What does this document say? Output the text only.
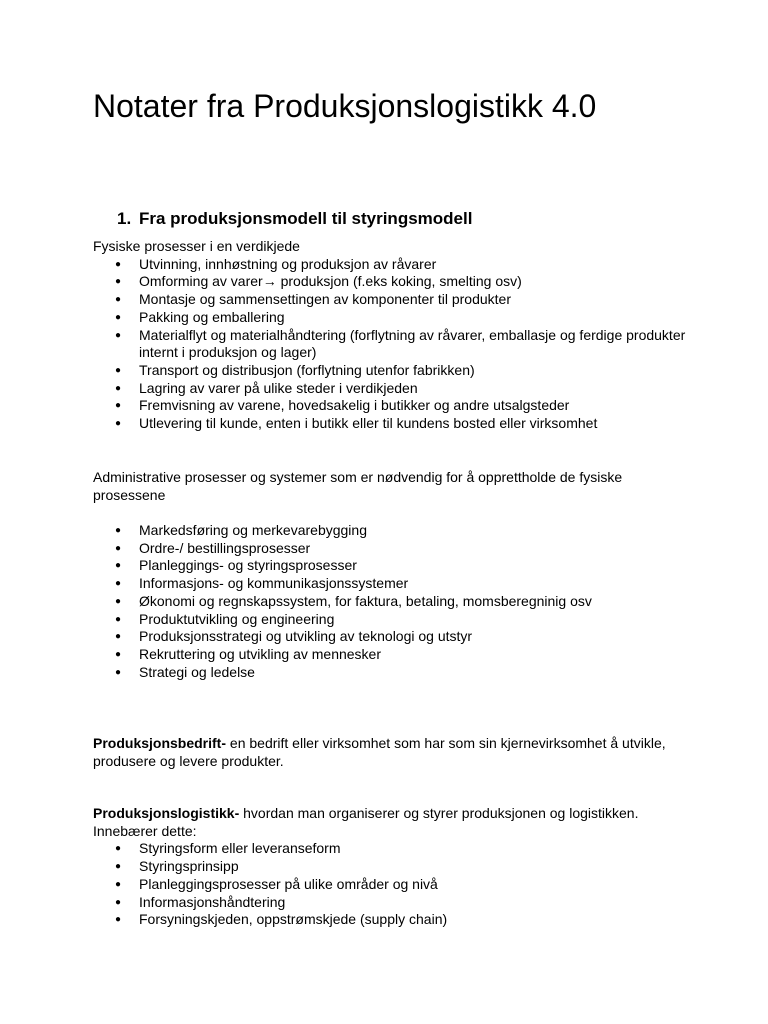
Notater fra Produksjonslogistikk 4.0
1. Fra produksjonsmodell til styringsmodell

Fysiske prosesser i en verdikjede

● Utvinning, innhøstning og produksjon av råvarer
● Omforming av varer→ produksjon (f.eks koking, smelting osv)
● Montasje og sammensettingen av komponenter til produkter
● Pakking og emballering
● Materialflyt og materialhåndtering (forflytning av råvarer, emballasje og ferdige produkter internt i produksjon og lager)
● Transport og distribusjon (forflytning utenfor fabrikken)
● Lagring av varer på ulike steder i verdikjeden
● Fremvisning av varene, hovedsakelig i butikker og andre utsalgsteder
● Utlevering til kunde, enten i butikk eller til kundens bosted eller virksomhet

Administrative prosesser og systemer som er nødvendig for å opprettholde de fysiske prosessene

● Markedsføring og merkevarebygging
● Ordre-/ bestillingsprosesser
● Planleggings- og styringsprosesser
● Informasjons- og kommunikasjonssystemer
● Økonomi og regnskapssystem, for faktura, betaling, momsberegninig osv
● Produktutvikling og engineering
● Produksjonsstrategi og utvikling av teknologi og utstyr
● Rekruttering og utvikling av mennesker
● Strategi og ledelse

Produksjonsbedrift- en bedrift eller virksomhet som har som sin kjernevirksomhet å utvikle, produsere og levere produkter.

Produksjonslogistikk- hvordan man organiserer og styrer produksjonen og logistikken.

Innebærer dette:

● Styringsform eller leveranseform
● Styringsprinsipp
● Planleggingsprosesser på ulike områder og nivå
● Informasjonshåndtering
● Forsyningskjeden, oppstrømskjede (supply chain)
